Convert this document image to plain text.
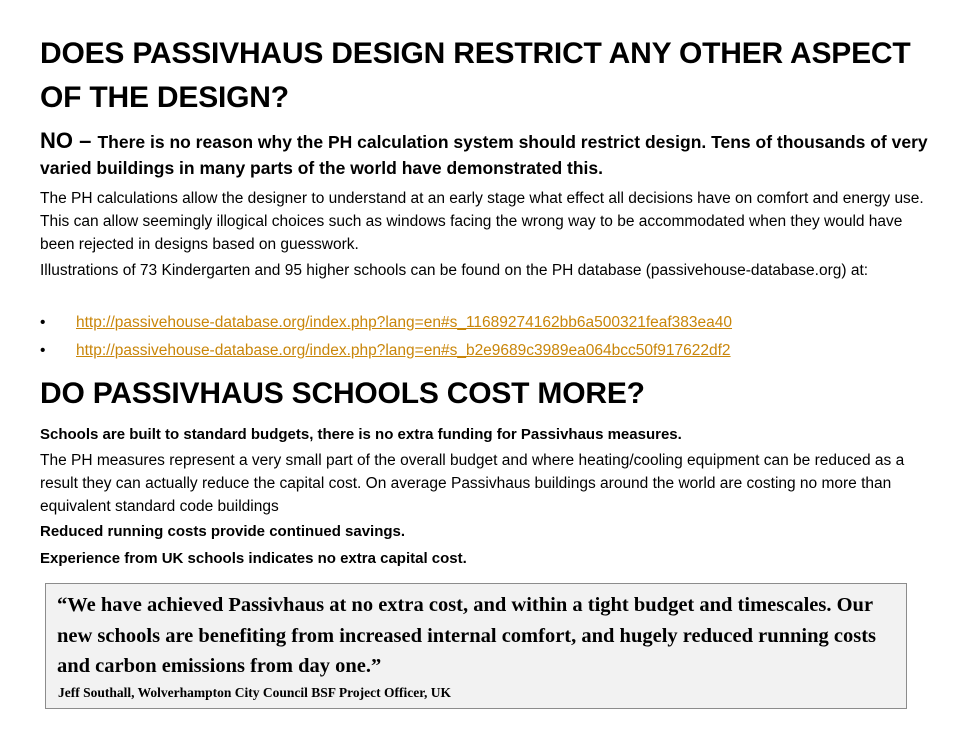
DOES PASSIVHAUS DESIGN RESTRICT ANY OTHER ASPECT OF THE DESIGN?

NO – There is no reason why the PH calculation system should restrict design. Tens of thousands of very varied buildings in many parts of the world have demonstrated this.

The PH calculations allow the designer to understand at an early stage what effect all decisions have on comfort and energy use. This can allow seemingly illogical choices such as windows facing the wrong way to be accommodated when they would have been rejected in designs based on guesswork.

Illustrations of 73 Kindergarten and 95 higher schools can be found on the PH database (passivehouse-database.org) at:

• http://passivehouse-database.org/index.php?lang=en#s_11689274162bb6a500321feaf383ea40
• http://passivehouse-database.org/index.php?lang=en#s_b2e9689c3989ea064bcc50f917622df2
DO PASSIVHAUS SCHOOLS COST MORE?

Schools are built to standard budgets, there is no extra funding for Passivhaus measures.

The PH measures represent a very small part of the overall budget and where heating/cooling equipment can be reduced as a result they can actually reduce the capital cost. On average Passivhaus buildings around the world are costing no more than equivalent standard code buildings

Reduced running costs provide continued savings.

Experience from UK schools indicates no extra capital cost.

“We have achieved Passivhaus at no extra cost, and within a tight budget and timescales. Our new schools are benefiting from increased internal comfort, and hugely reduced running costs and carbon emissions from day one.”

Jeff Southall, Wolverhampton City Council BSF Project Officer, UK
